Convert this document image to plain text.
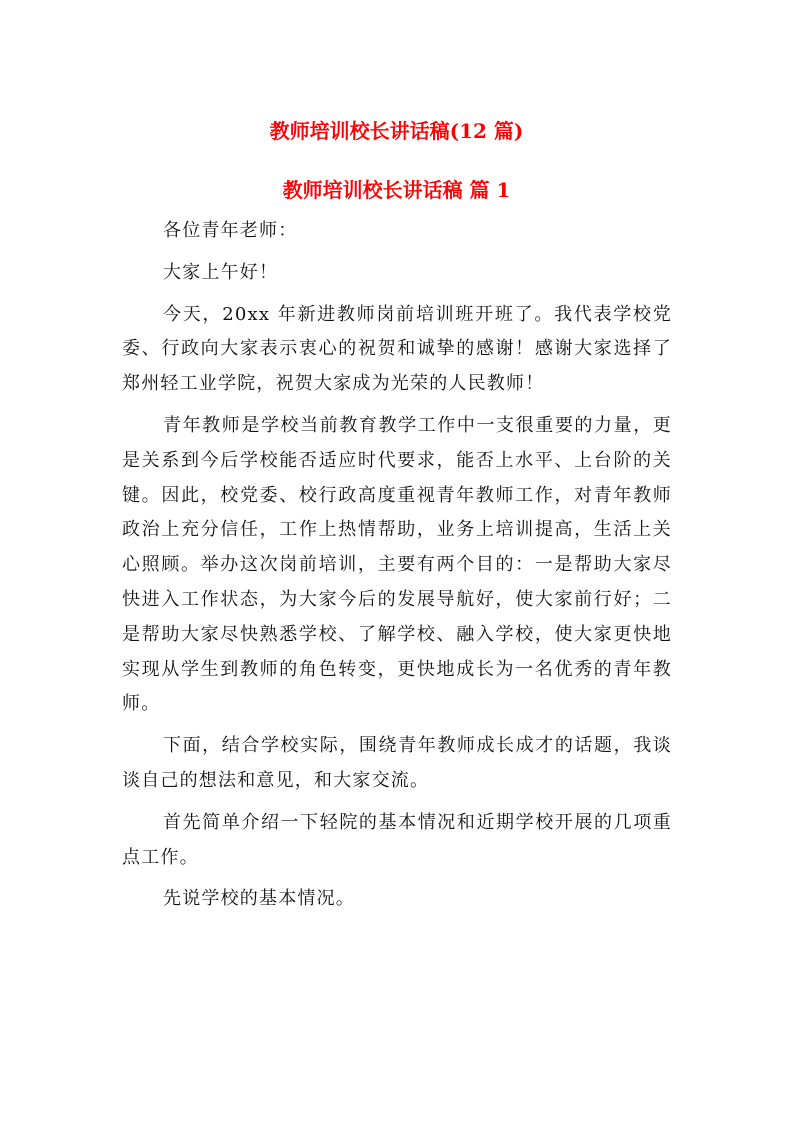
教师培训校长讲话稿(12 篇)
教师培训校长讲话稿 篇 1

各位青年老师：

大家上午好！

今天，20xx 年新进教师岗前培训班开班了。我代表学校党委、行政向大家表示衷心的祝贺和诚挚的感谢！感谢大家选择了郑州轻工业学院，祝贺大家成为光荣的人民教师！

青年教师是学校当前教育教学工作中一支很重要的力量，更是关系到今后学校能否适应时代要求，能否上水平、上台阶的关键。因此，校党委、校行政高度重视青年教师工作，对青年教师政治上充分信任，工作上热情帮助，业务上培训提高，生活上关心照顾。举办这次岗前培训，主要有两个目的：一是帮助大家尽快进入工作状态，为大家今后的发展导航好，使大家前行好；二是帮助大家尽快熟悉学校、了解学校、融入学校，使大家更快地实现从学生到教师的角色转变，更快地成长为一名优秀的青年教师。

下面，结合学校实际，围绕青年教师成长成才的话题，我谈谈自己的想法和意见，和大家交流。

首先简单介绍一下轻院的基本情况和近期学校开展的几项重点工作。

先说学校的基本情况。
